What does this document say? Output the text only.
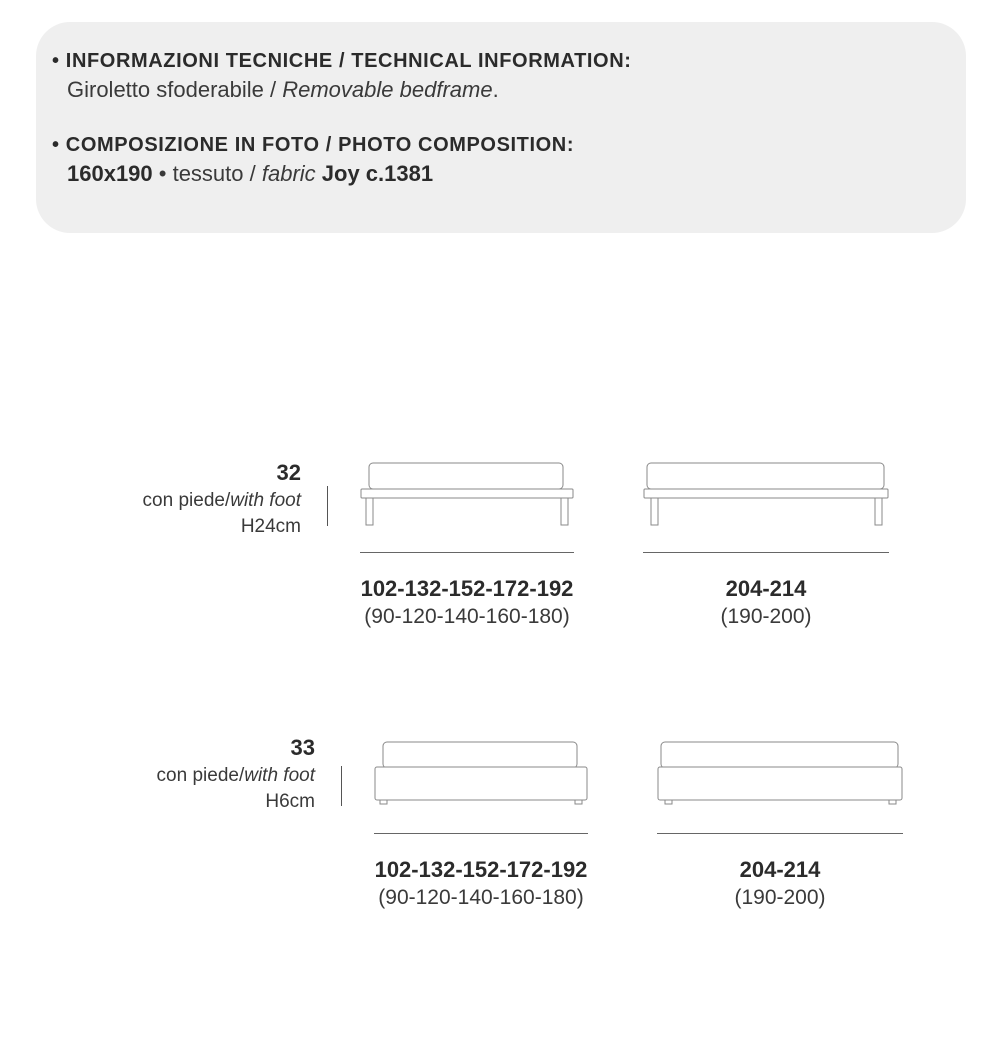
• INFORMAZIONI TECNICHE / TECHNICAL INFORMATION:
Giroletto sfoderabile / Removable bedframe.
• COMPOSIZIONE IN FOTO / PHOTO COMPOSITION:
160x190 • tessuto / fabric Joy c.1381
32
con piede/with foot
H24cm
102-132-152-172-192
(90-120-140-160-180)
204-214
(190-200)
33
con piede/with foot
H6cm
102-132-152-172-192
(90-120-140-160-180)
204-214
(190-200)
